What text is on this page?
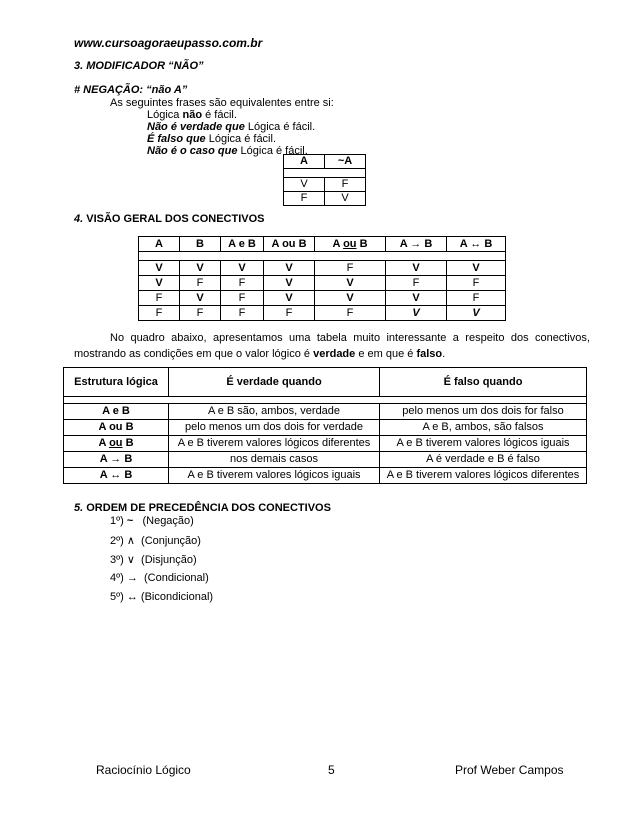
www.cursoagoraeupasso.com.br
3. MODIFICADOR “NÃO”
# NEGAÇÃO: “não A”
As seguintes frases são equivalentes entre si:
Lógica não é fácil.
Não é verdade que Lógica é fácil.
É falso que Lógica é fácil.
Não é o caso que Lógica é fácil.
A	~A

V	F
F	V
4. VISÃO GERAL DOS CONECTIVOS
A	B	A e B	A ou B	A ou B	A → B	A ↔ B

V	V	V	V	F	V	V
V	F	F	V	V	F	F
F	V	F	V	V	V	F
F	F	F	F	F	V	V
No quadro abaixo, apresentamos uma tabela muito interessante a respeito dos conectivos, mostrando as condições em que o valor lógico é verdade e em que é falso.
Estrutura lógica	É verdade quando	É falso quando

A e B	A e B são, ambos, verdade	pelo menos um dos dois for falso
A ou B	pelo menos um dos dois for verdade	A e B, ambos, são falsos
A ou B	A e B tiverem valores lógicos diferentes	A e B tiverem valores lógicos iguais
A → B	nos demais casos	A é verdade e B é falso
A ↔ B	A e B tiverem valores lógicos iguais	A e B tiverem valores lógicos diferentes
5. ORDEM DE PRECEDÊNCIA DOS CONECTIVOS
1º) ~   (Negação)
2º) ∧  (Conjunção)
3º) ∨  (Disjunção)
4º) →  (Condicional)
5º) ↔ (Bicondicional)
Raciocínio Lógico	5	Prof Weber Campos
